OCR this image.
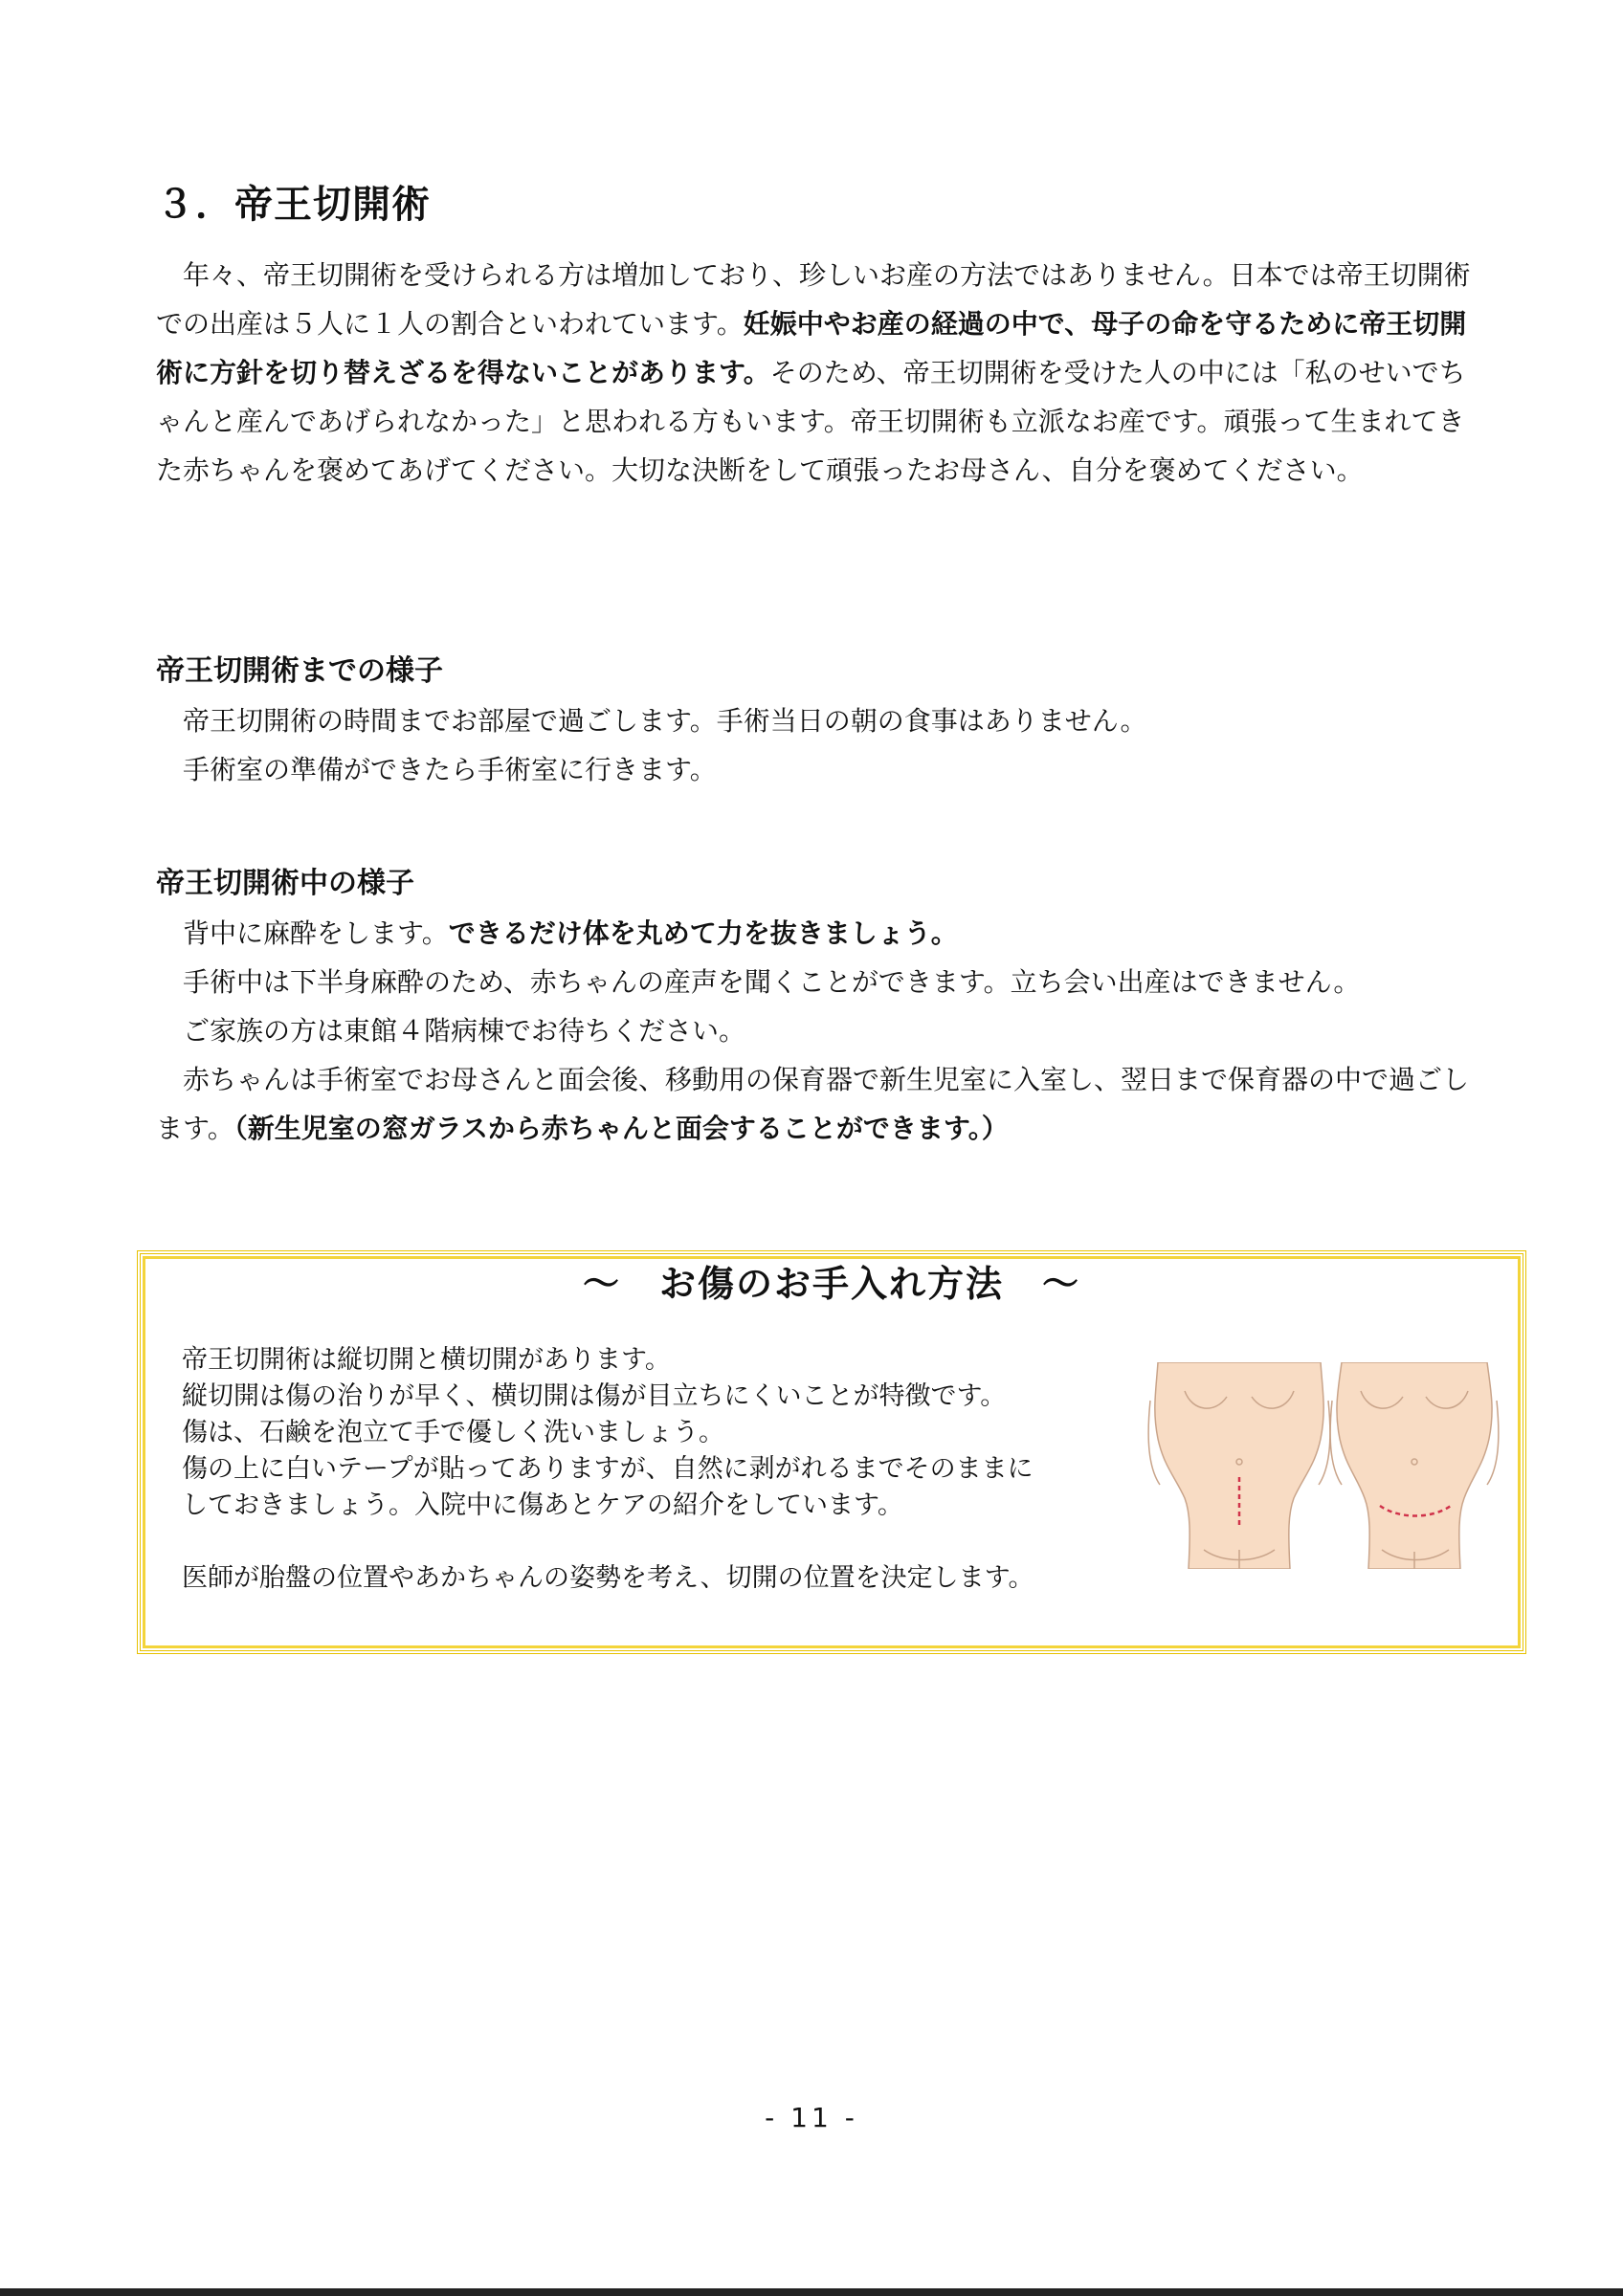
３．帝王切開術

年々、帝王切開術を受けられる方は増加しており、珍しいお産の方法ではありません。日本では帝王切開術での出産は５人に１人の割合といわれています。妊娠中やお産の経過の中で、母子の命を守るために帝王切開術に方針を切り替えざるを得ないことがあります。そのため、帝王切開術を受けた人の中には「私のせいでちゃんと産んであげられなかった」と思われる方もいます。帝王切開術も立派なお産です。頑張って生まれてきた赤ちゃんを褒めてあげてください。大切な決断をして頑張ったお母さん、自分を褒めてください。

帝王切開術までの様子

帝王切開術の時間までお部屋で過ごします。手術当日の朝の食事はありません。
手術室の準備ができたら手術室に行きます。

帝王切開術中の様子

背中に麻酔をします。できるだけ体を丸めて力を抜きましょう。
手術中は下半身麻酔のため、赤ちゃんの産声を聞くことができます。立ち会い出産はできません。
ご家族の方は東館４階病棟でお待ちください。
赤ちゃんは手術室でお母さんと面会後、移動用の保育器で新生児室に入室し、翌日まで保育器の中で過ごします。（新生児室の窓ガラスから赤ちゃんと面会することができます。）

～　お傷のお手入れ方法　～

帝王切開術は縦切開と横切開があります。
縦切開は傷の治りが早く、横切開は傷が目立ちにくいことが特徴です。
傷は、石鹸を泡立て手で優しく洗いましょう。
傷の上に白いテープが貼ってありますが、自然に剥がれるまでそのままに
しておきましょう。入院中に傷あとケアの紹介をしています。
医師が胎盤の位置やあかちゃんの姿勢を考え、切開の位置を決定します。

- 11 -
